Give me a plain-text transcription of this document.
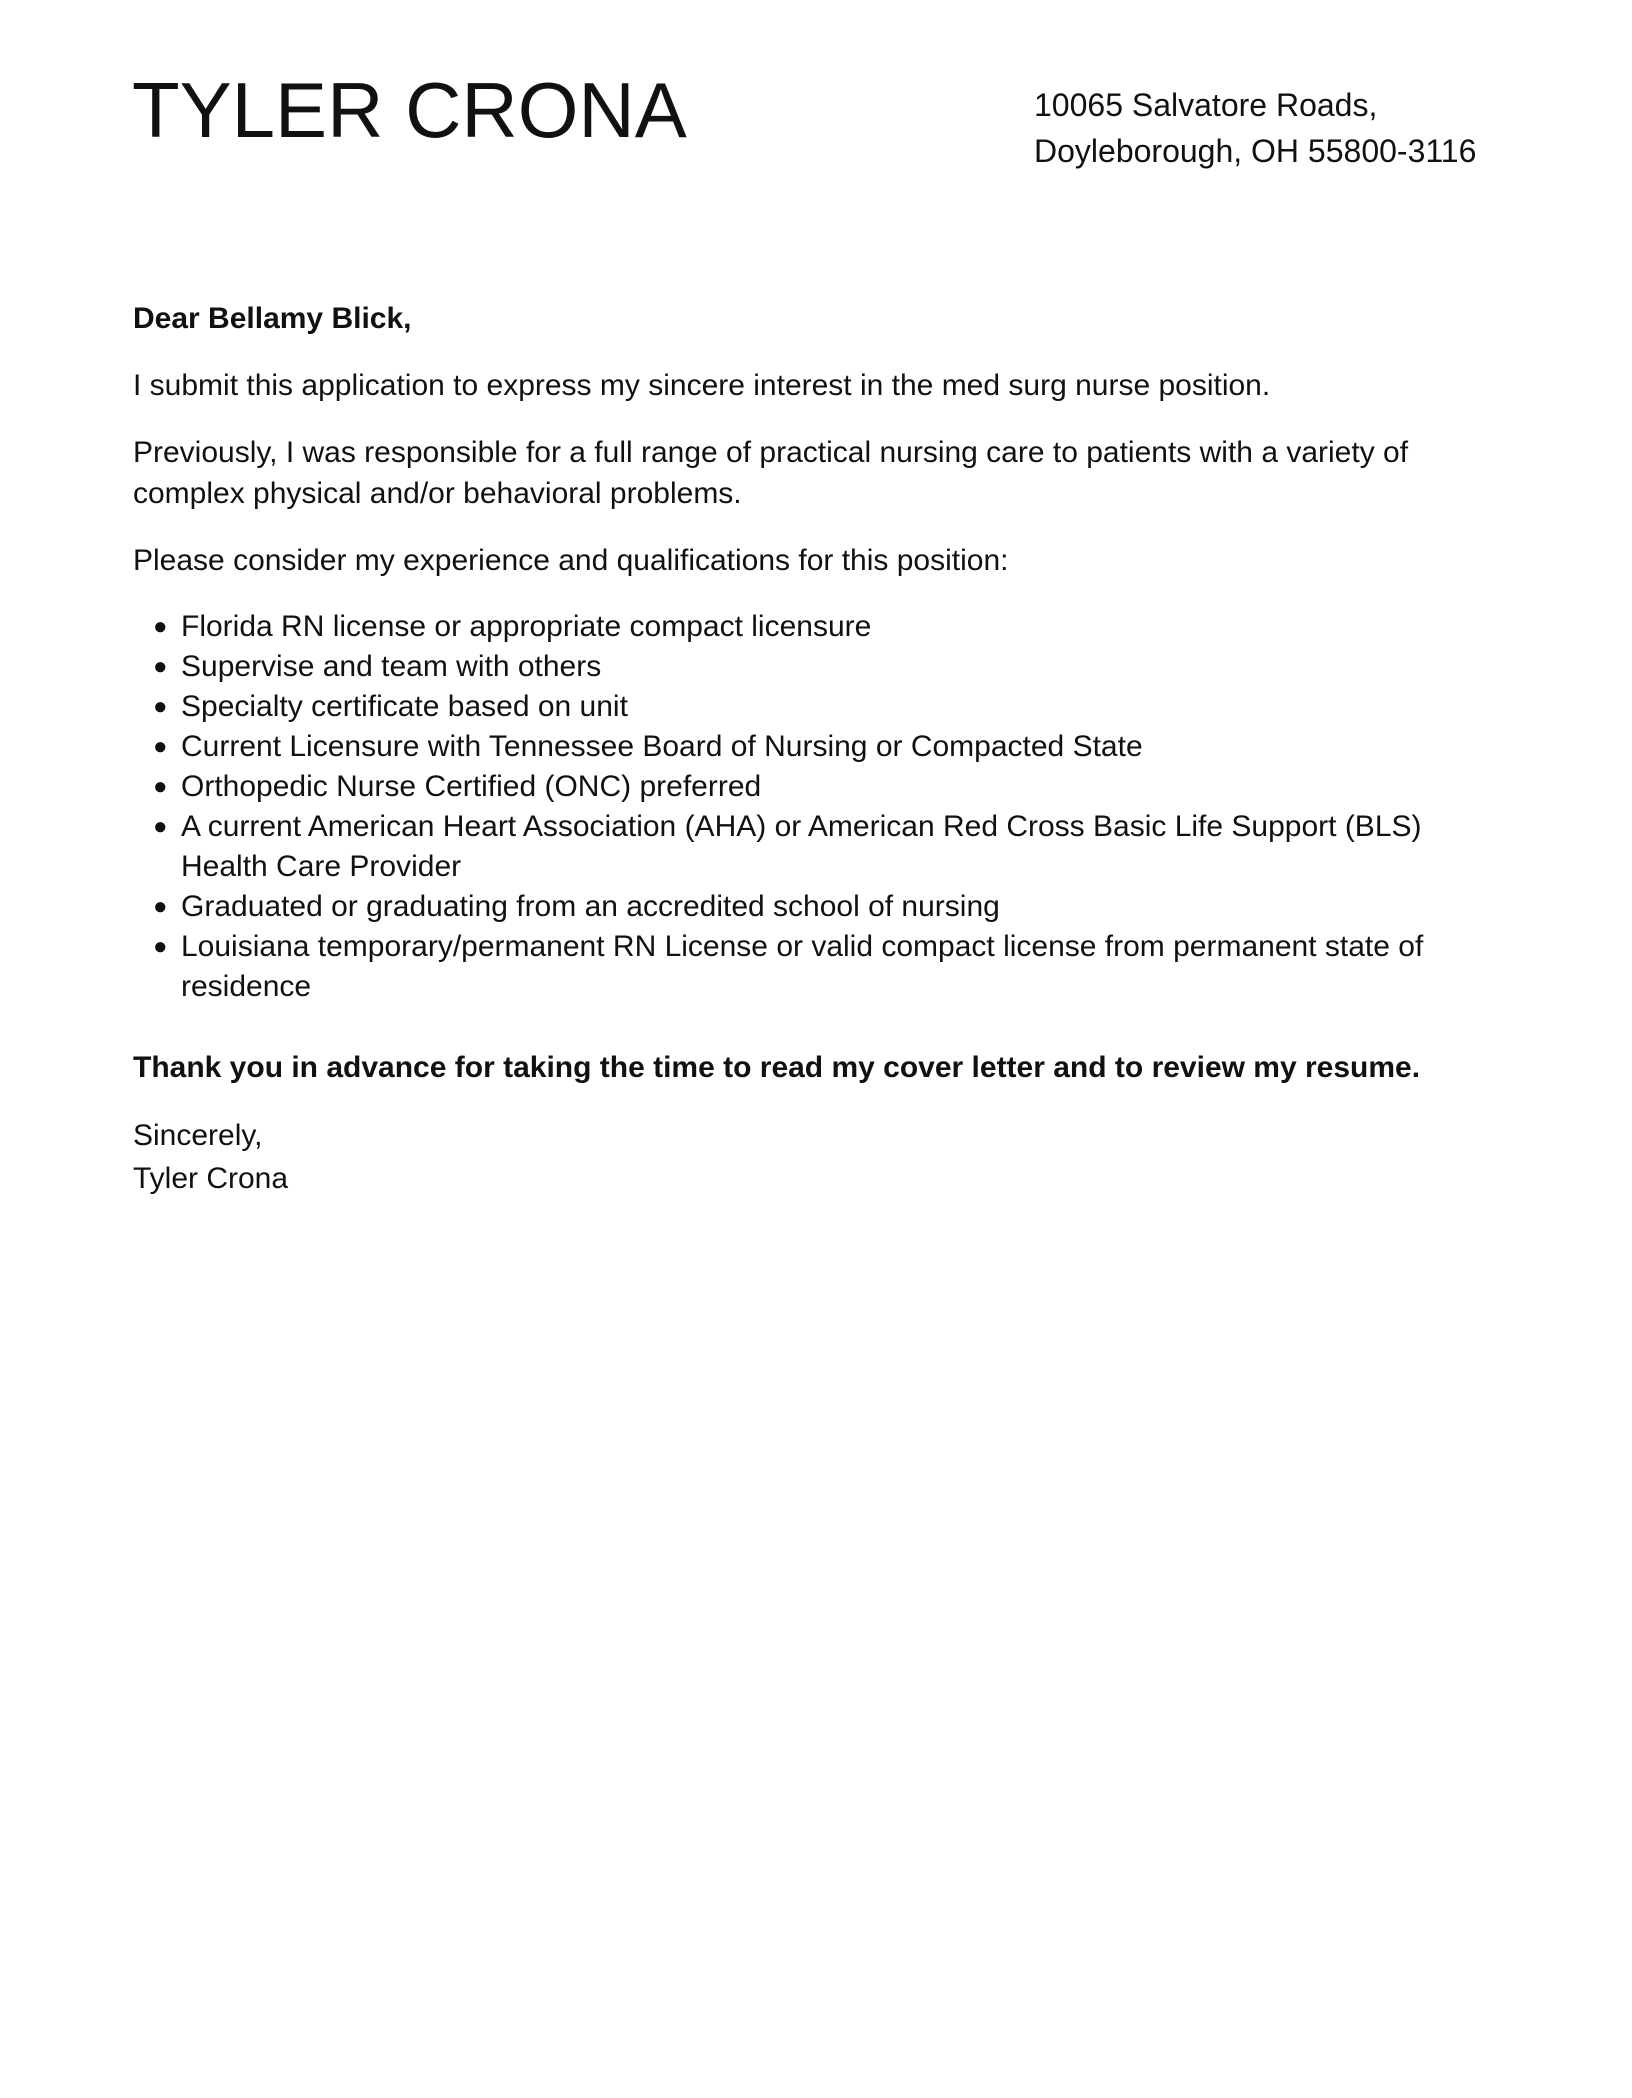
TYLER CRONA	10065 Salvatore Roads,
Doyleborough, OH 55800-3116

Dear Bellamy Blick,

I submit this application to express my sincere interest in the med surg nurse position.

Previously, I was responsible for a full range of practical nursing care to patients with a variety of complex physical and/or behavioral problems.

Please consider my experience and qualifications for this position:

● Florida RN license or appropriate compact licensure
● Supervise and team with others
● Specialty certificate based on unit
● Current Licensure with Tennessee Board of Nursing or Compacted State
● Orthopedic Nurse Certified (ONC) preferred
● A current American Heart Association (AHA) or American Red Cross Basic Life Support (BLS) Health Care Provider
● Graduated or graduating from an accredited school of nursing
● Louisiana temporary/permanent RN License or valid compact license from permanent state of residence

Thank you in advance for taking the time to read my cover letter and to review my resume.

Sincerely,

Tyler Crona
